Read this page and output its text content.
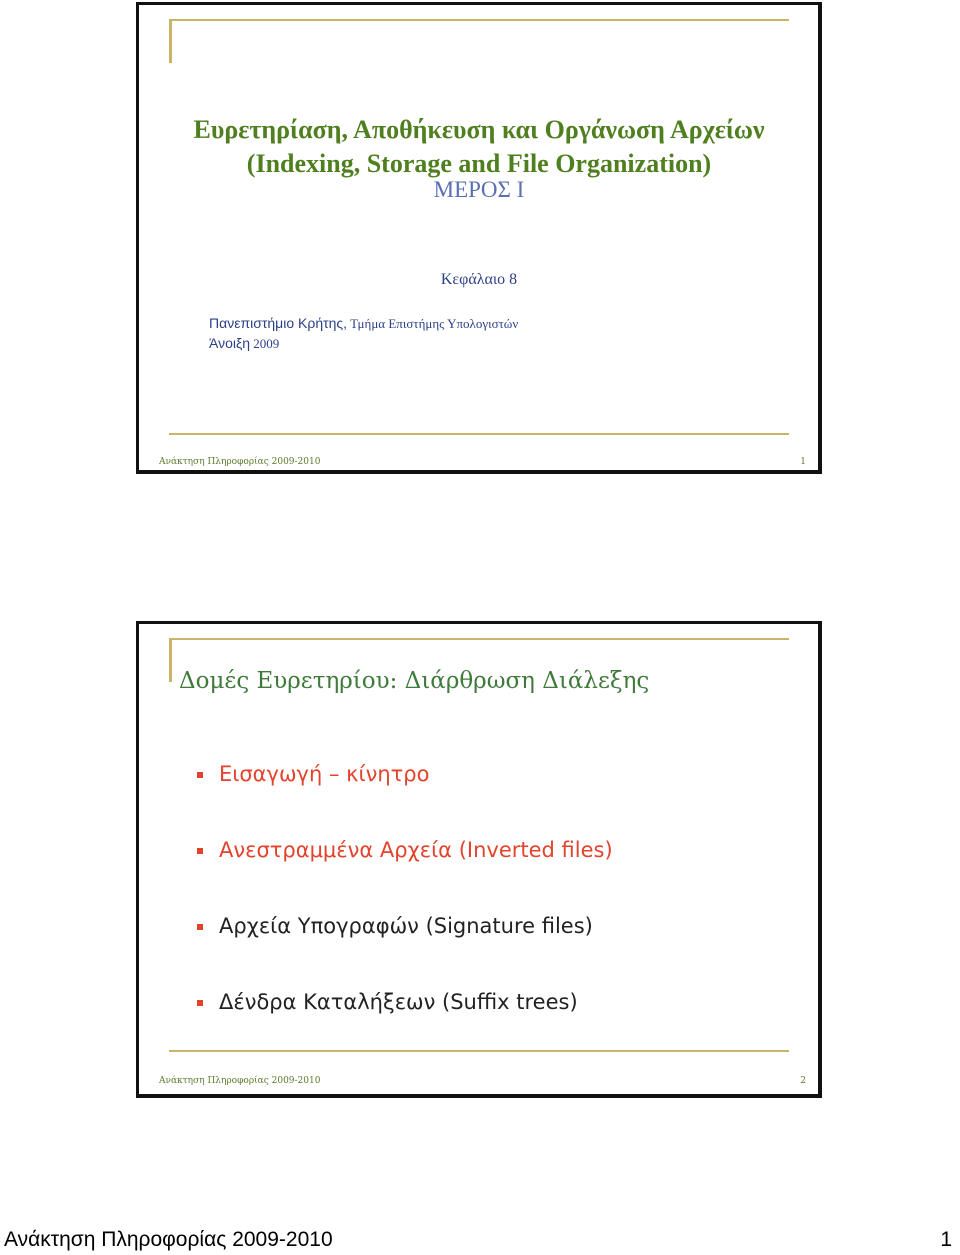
Ευρετηρίαση, Αποθήκευση και Οργάνωση Αρχείων
(Indexing, Storage and File Organization)
ΜΕΡΟΣ Ι
Κεφάλαιο 8
Πανεπιστήμιο Κρήτης, Τμήμα Επιστήμης Υπολογιστών
Άνοιξη 2009
Ανάκτηση Πληροφορίας 2009-2010	1
Δομές Ευρετηρίου: Διάρθρωση Διάλεξης
Εισαγωγή – κίνητρο
Ανεστραμμένα Αρχεία (Inverted files)
Αρχεία Υπογραφών (Signature files)
Δένδρα Καταλήξεων (Suffix trees)
Ανάκτηση Πληροφορίας 2009-2010	2
Ανάκτηση Πληροφορίας 2009-2010	1
